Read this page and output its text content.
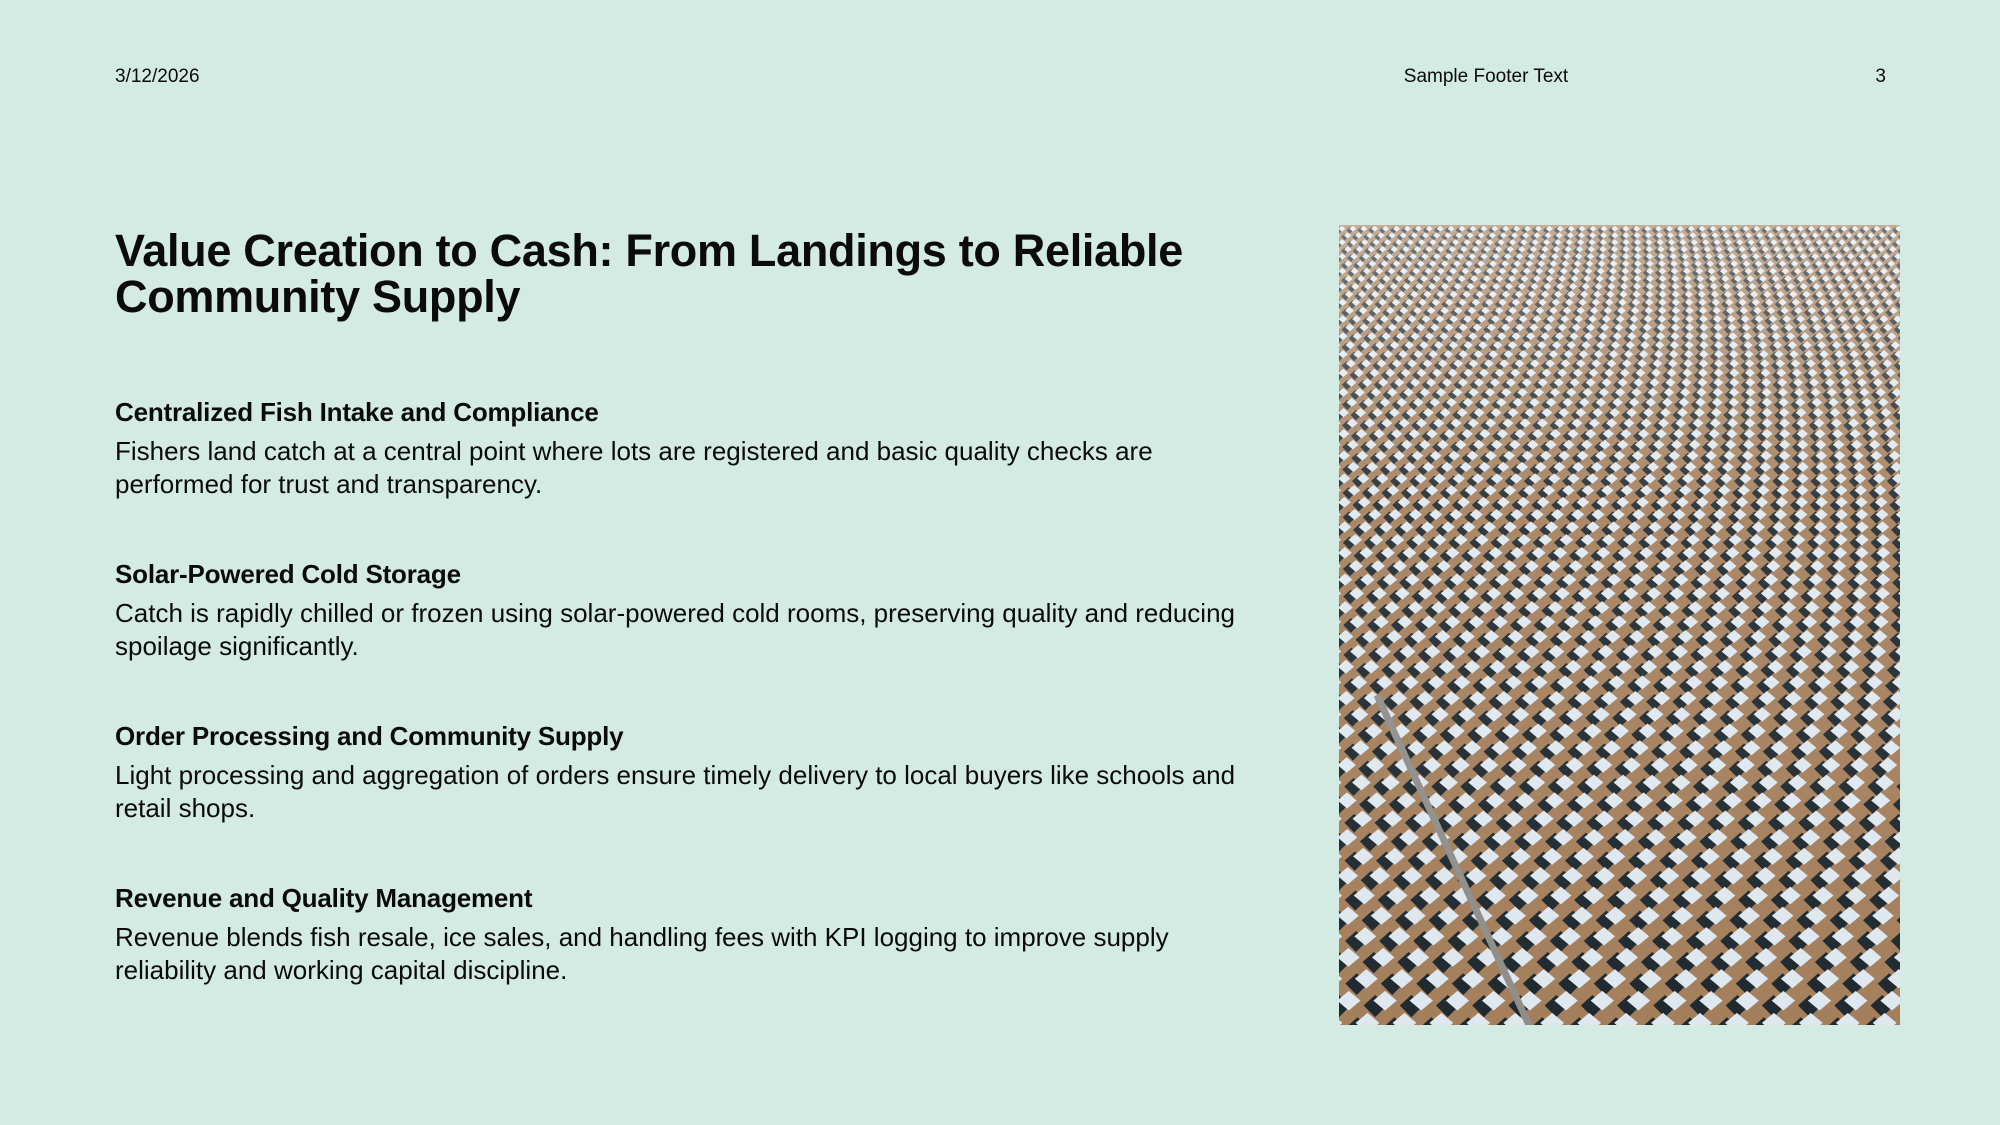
3/12/2026	Sample Footer Text	3
Value Creation to Cash: From Landings to Reliable Community Supply
Centralized Fish Intake and Compliance

Fishers land catch at a central point where lots are registered and basic quality checks are performed for trust and transparency.

Solar-Powered Cold Storage

Catch is rapidly chilled or frozen using solar-powered cold rooms, preserving quality and reducing spoilage significantly.

Order Processing and Community Supply

Light processing and aggregation of orders ensure timely delivery to local buyers like schools and retail shops.

Revenue and Quality Management

Revenue blends fish resale, ice sales, and handling fees with KPI logging to improve supply reliability and working capital discipline.
